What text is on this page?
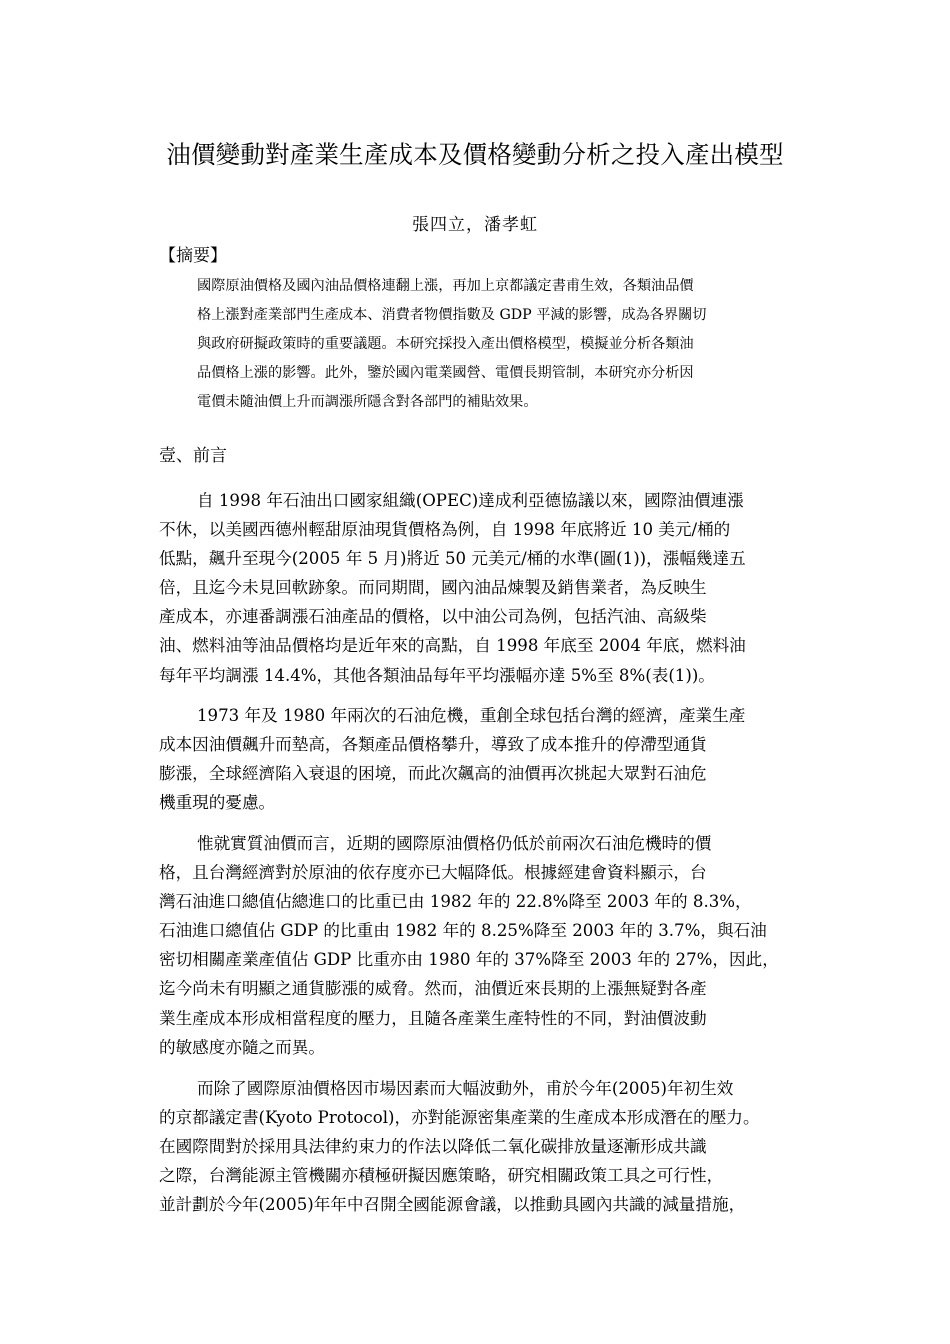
油價變動對產業生產成本及價格變動分析之投入產出模型
張四立，潘孝虹
【摘要】
國際原油價格及國內油品價格連翻上漲，再加上京都議定書甫生效，各類油品價
格上漲對產業部門生產成本、消費者物價指數及 GDP 平減的影響，成為各界關切
與政府研擬政策時的重要議題。本研究採投入產出價格模型，模擬並分析各類油
品價格上漲的影響。此外，鑒於國內電業國營、電價長期管制，本研究亦分析因
電價未隨油價上升而調漲所隱含對各部門的補貼效果。
壹、前言
自 1998 年石油出口國家組織(OPEC)達成利亞德協議以來，國際油價連漲
不休，以美國西德州輕甜原油現貨價格為例，自 1998 年底將近 10 美元/桶的
低點，飆升至現今(2005 年 5 月)將近 50 元美元/桶的水準(圖(1))，漲幅幾達五
倍，且迄今未見回軟跡象。而同期間，國內油品煉製及銷售業者，為反映生
產成本，亦連番調漲石油產品的價格，以中油公司為例，包括汽油、高級柴
油、燃料油等油品價格均是近年來的高點，自 1998 年底至 2004 年底，燃料油
每年平均調漲 14.4%，其他各類油品每年平均漲幅亦達 5%至 8%(表(1))。
1973 年及 1980 年兩次的石油危機，重創全球包括台灣的經濟，產業生產
成本因油價飆升而墊高，各類產品價格攀升，導致了成本推升的停滯型通貨
膨漲，全球經濟陷入衰退的困境，而此次飆高的油價再次挑起大眾對石油危
機重現的憂慮。
惟就實質油價而言，近期的國際原油價格仍低於前兩次石油危機時的價
格，且台灣經濟對於原油的依存度亦已大幅降低。根據經建會資料顯示，台
灣石油進口總值佔總進口的比重已由 1982 年的 22.8%降至 2003 年的 8.3%，
石油進口總值佔 GDP 的比重由 1982 年的 8.25%降至 2003 年的 3.7%，與石油
密切相關產業產值佔 GDP 比重亦由 1980 年的 37%降至 2003 年的 27%，因此，
迄今尚未有明顯之通貨膨漲的威脅。然而，油價近來長期的上漲無疑對各產
業生產成本形成相當程度的壓力，且隨各產業生產特性的不同，對油價波動
的敏感度亦隨之而異。
而除了國際原油價格因市場因素而大幅波動外，甫於今年(2005)年初生效
的京都議定書(Kyoto Protocol)，亦對能源密集產業的生產成本形成潛在的壓力。
在國際間對於採用具法律約束力的作法以降低二氧化碳排放量逐漸形成共識
之際，台灣能源主管機關亦積極研擬因應策略，研究相關政策工具之可行性，
並計劃於今年(2005)年年中召開全國能源會議，以推動具國內共識的減量措施，
